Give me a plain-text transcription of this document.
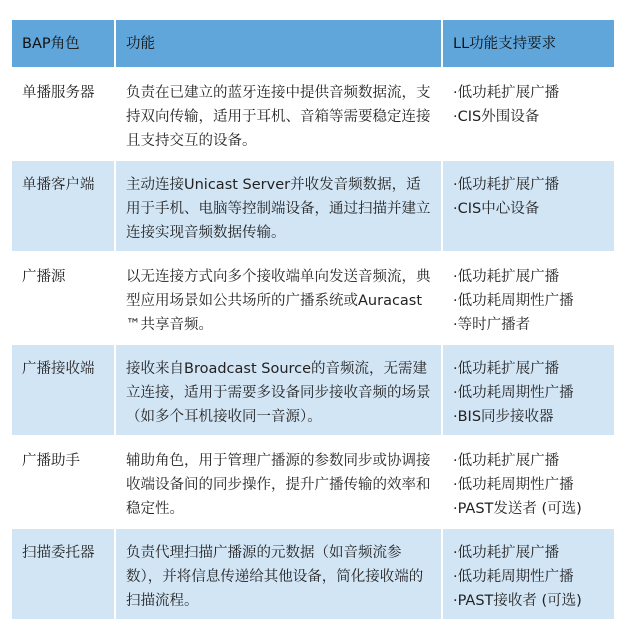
BAP角色	功能	LL功能支持要求
单播服务器	负责在已建立的蓝牙连接中提供音频数据流，支持双向传输，适用于耳机、音箱等需要稳定连接且支持交互的设备。	·低功耗扩展广播
·CIS外围设备

单播客户端	主动连接Unicast Server并收发音频数据，适用于手机、电脑等控制端设备，通过扫描并建立连接实现音频数据传输。	·低功耗扩展广播
·CIS中心设备

广播源	以无连接方式向多个接收端单向发送音频流，典型应用场景如公共场所的广播系统或Auracast™共享音频。	·低功耗扩展广播
·低功耗周期性广播
·等时广播者

广播接收端	接收来自Broadcast Source的音频流，无需建立连接，适用于需要多设备同步接收音频的场景（如多个耳机接收同一音源）。	·低功耗扩展广播
·低功耗周期性广播
·BIS同步接收器

广播助手	辅助角色，用于管理广播源的参数同步或协调接收端设备间的同步操作，提升广播传输的效率和稳定性。	·低功耗扩展广播
·低功耗周期性广播
·PAST发送者 (可选)

扫描委托器	负责代理扫描广播源的元数据（如音频流参数），并将信息传递给其他设备，简化接收端的扫描流程。	·低功耗扩展广播
·低功耗周期性广播
·PAST接收者 (可选)
